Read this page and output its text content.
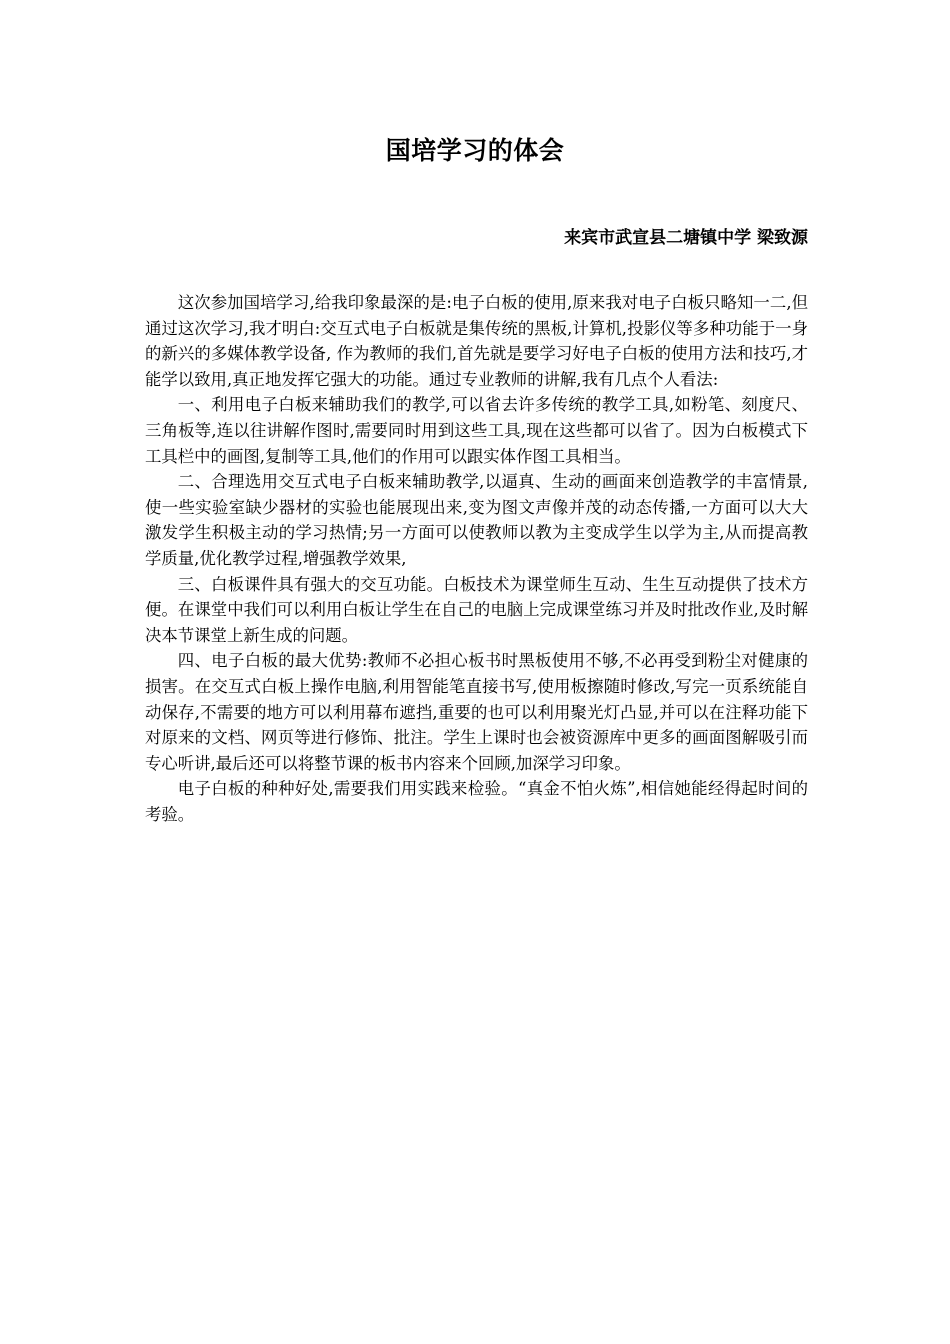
国培学习的体会
来宾市武宣县二塘镇中学 梁致源

这次参加国培学习,给我印象最深的是:电子白板的使用,原来我对电子白板只略知一二,但通过这次学习,我才明白:交互式电子白板就是集传统的黑板,计算机,投影仪等多种功能于一身的新兴的多媒体教学设备, 作为教师的我们,首先就是要学习好电子白板的使用方法和技巧,才能学以致用,真正地发挥它强大的功能。通过专业教师的讲解,我有几点个人看法:

一、利用电子白板来辅助我们的教学,可以省去许多传统的教学工具,如粉笔、刻度尺、三角板等,连以往讲解作图时,需要同时用到这些工具,现在这些都可以省了。因为白板模式下工具栏中的画图,复制等工具,他们的作用可以跟实体作图工具相当。

二、合理选用交互式电子白板来辅助教学,以逼真、生动的画面来创造教学的丰富情景,使一些实验室缺少器材的实验也能展现出来,变为图文声像并茂的动态传播,一方面可以大大激发学生积极主动的学习热情;另一方面可以使教师以教为主变成学生以学为主,从而提高教学质量,优化教学过程,增强教学效果,

三、白板课件具有强大的交互功能。白板技术为课堂师生互动、生生互动提供了技术方便。在课堂中我们可以利用白板让学生在自己的电脑上完成课堂练习并及时批改作业,及时解决本节课堂上新生成的问题。

四、电子白板的最大优势:教师不必担心板书时黑板使用不够,不必再受到粉尘对健康的损害。在交互式白板上操作电脑,利用智能笔直接书写,使用板擦随时修改,写完一页系统能自动保存,不需要的地方可以利用幕布遮挡,重要的也可以利用聚光灯凸显,并可以在注释功能下对原来的文档、网页等进行修饰、批注。学生上课时也会被资源库中更多的画面图解吸引而专心听讲,最后还可以将整节课的板书内容来个回顾,加深学习印象。

电子白板的种种好处,需要我们用实践来检验。“真金不怕火炼”,相信她能经得起时间的考验。
